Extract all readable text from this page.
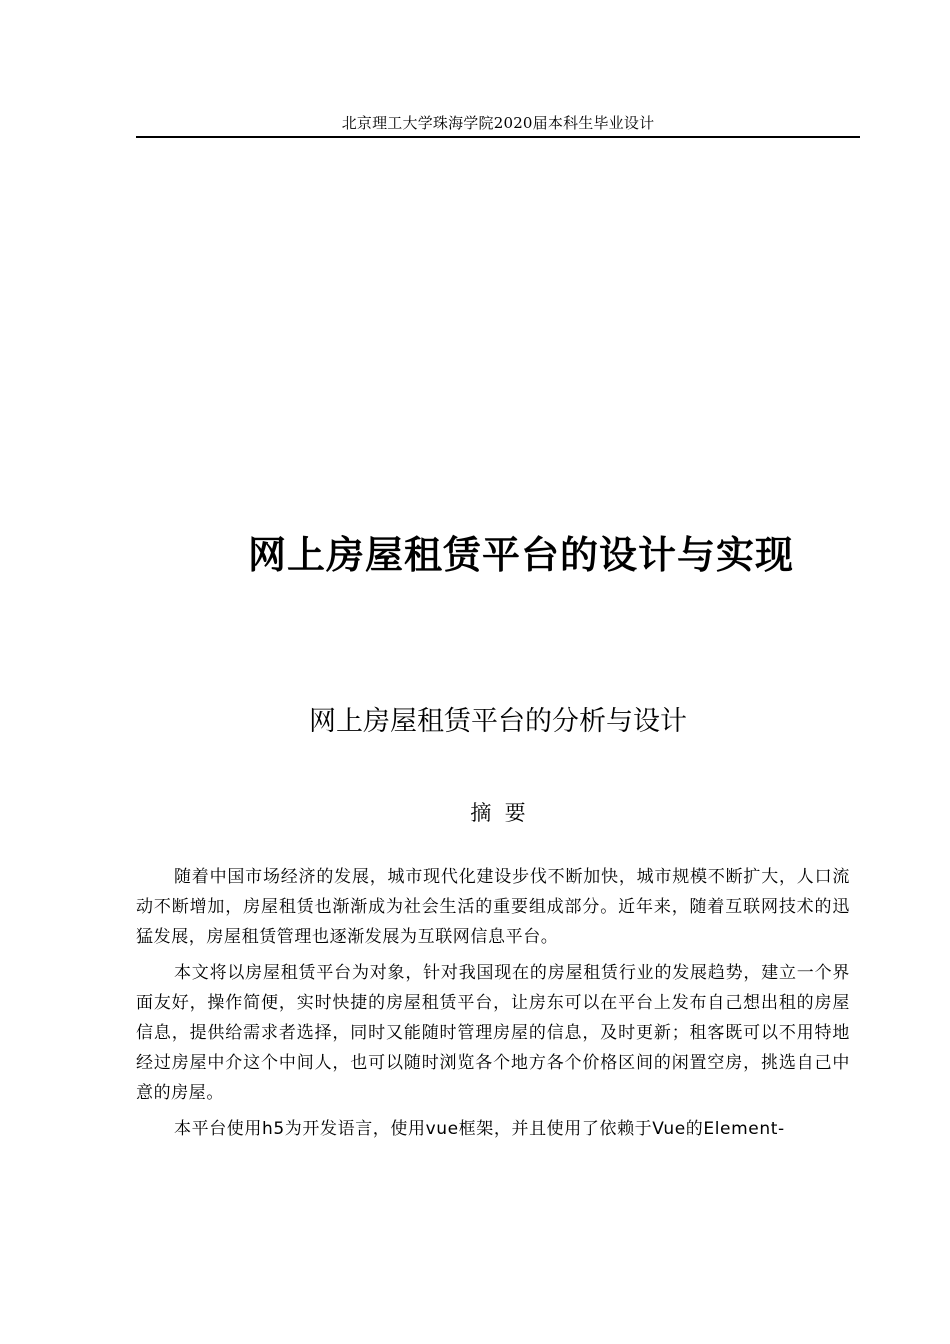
北京理工大学珠海学院2020届本科生毕业设计
网上房屋租赁平台的设计与实现
网上房屋租赁平台的分析与设计
摘  要

随着中国市场经济的发展，城市现代化建设步伐不断加快，城市规模不断扩大，人口流动不断增加，房屋租赁也渐渐成为社会生活的重要组成部分。近年来，随着互联网技术的迅猛发展，房屋租赁管理也逐渐发展为互联网信息平台。

本文将以房屋租赁平台为对象，针对我国现在的房屋租赁行业的发展趋势，建立一个界面友好，操作简便，实时快捷的房屋租赁平台，让房东可以在平台上发布自己想出租的房屋信息，提供给需求者选择，同时又能随时管理房屋的信息，及时更新；租客既可以不用特地经过房屋中介这个中间人，也可以随时浏览各个地方各个价格区间的闲置空房，挑选自己中意的房屋。

本平台使用h5为开发语言，使用vue框架，并且使用了依赖于Vue的Element-
